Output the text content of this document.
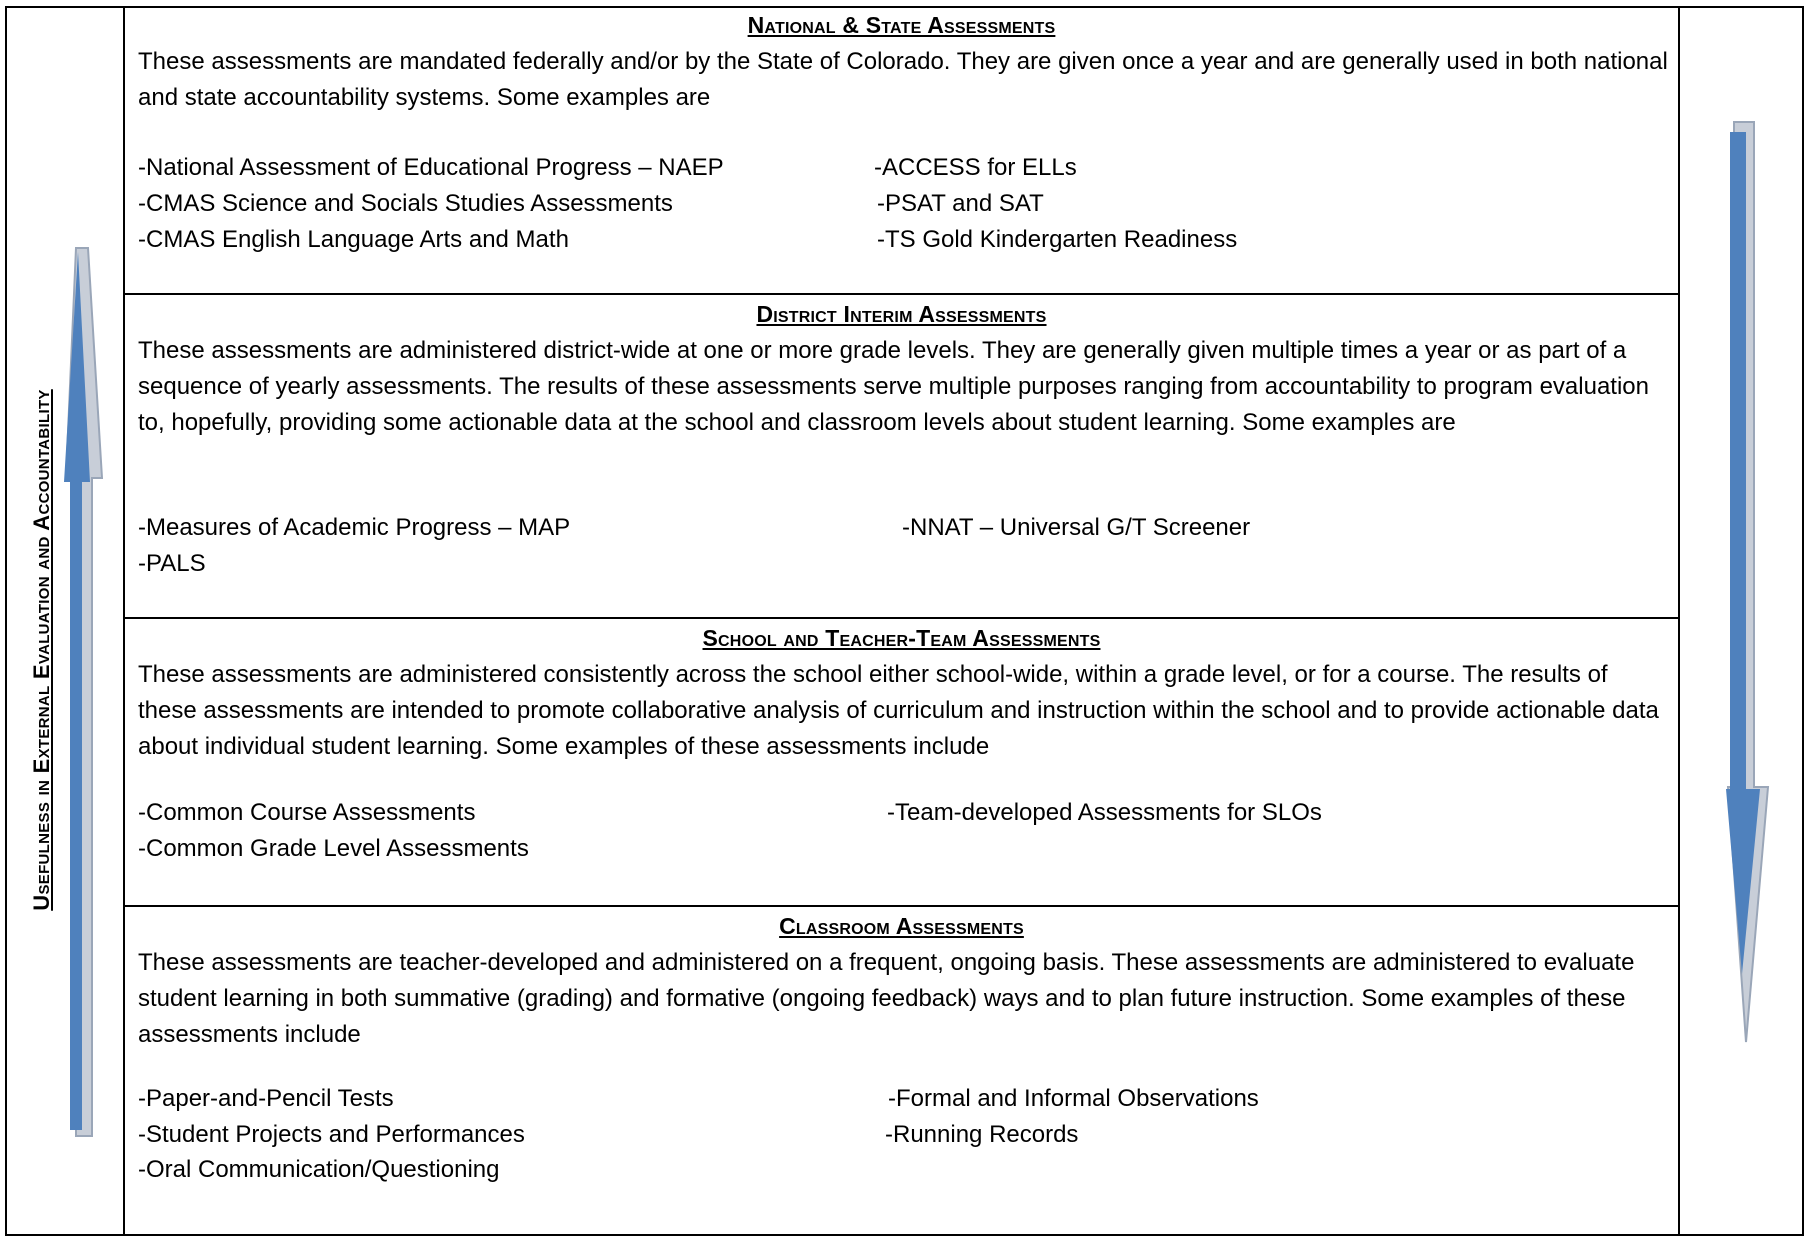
Usefulness in External Evaluation and Accountability
National & State Assessments

These assessments are mandated federally and/or by the State of Colorado. They are given once a year and are generally used in both national and state accountability systems. Some examples are

-National Assessment of Educational Progress – NAEP
-CMAS Science and Socials Studies Assessments
-CMAS English Language Arts and Math
-ACCESS for ELLs
-PSAT and SAT
-TS Gold Kindergarten Readiness
District Interim Assessments

These assessments are administered district-wide at one or more grade levels. They are generally given multiple times a year or as part of a sequence of yearly assessments. The results of these assessments serve multiple purposes ranging from accountability to program evaluation to, hopefully, providing some actionable data at the school and classroom levels about student learning. Some examples are

-Measures of Academic Progress – MAP
-PALS
-NNAT – Universal G/T Screener
School and Teacher-Team Assessments

These assessments are administered consistently across the school either school-wide, within a grade level, or for a course. The results of these assessments are intended to promote collaborative analysis of curriculum and instruction within the school and to provide actionable data about individual student learning. Some examples of these assessments include

-Common Course Assessments
-Common Grade Level Assessments
-Team-developed Assessments for SLOs
Classroom Assessments

These assessments are teacher-developed and administered on a frequent, ongoing basis. These assessments are administered to evaluate student learning in both summative (grading) and formative (ongoing feedback) ways and to plan future instruction. Some examples of these assessments include

-Paper-and-Pencil Tests
-Student Projects and Performances
-Oral Communication/Questioning
-Formal and Informal Observations
-Running Records
